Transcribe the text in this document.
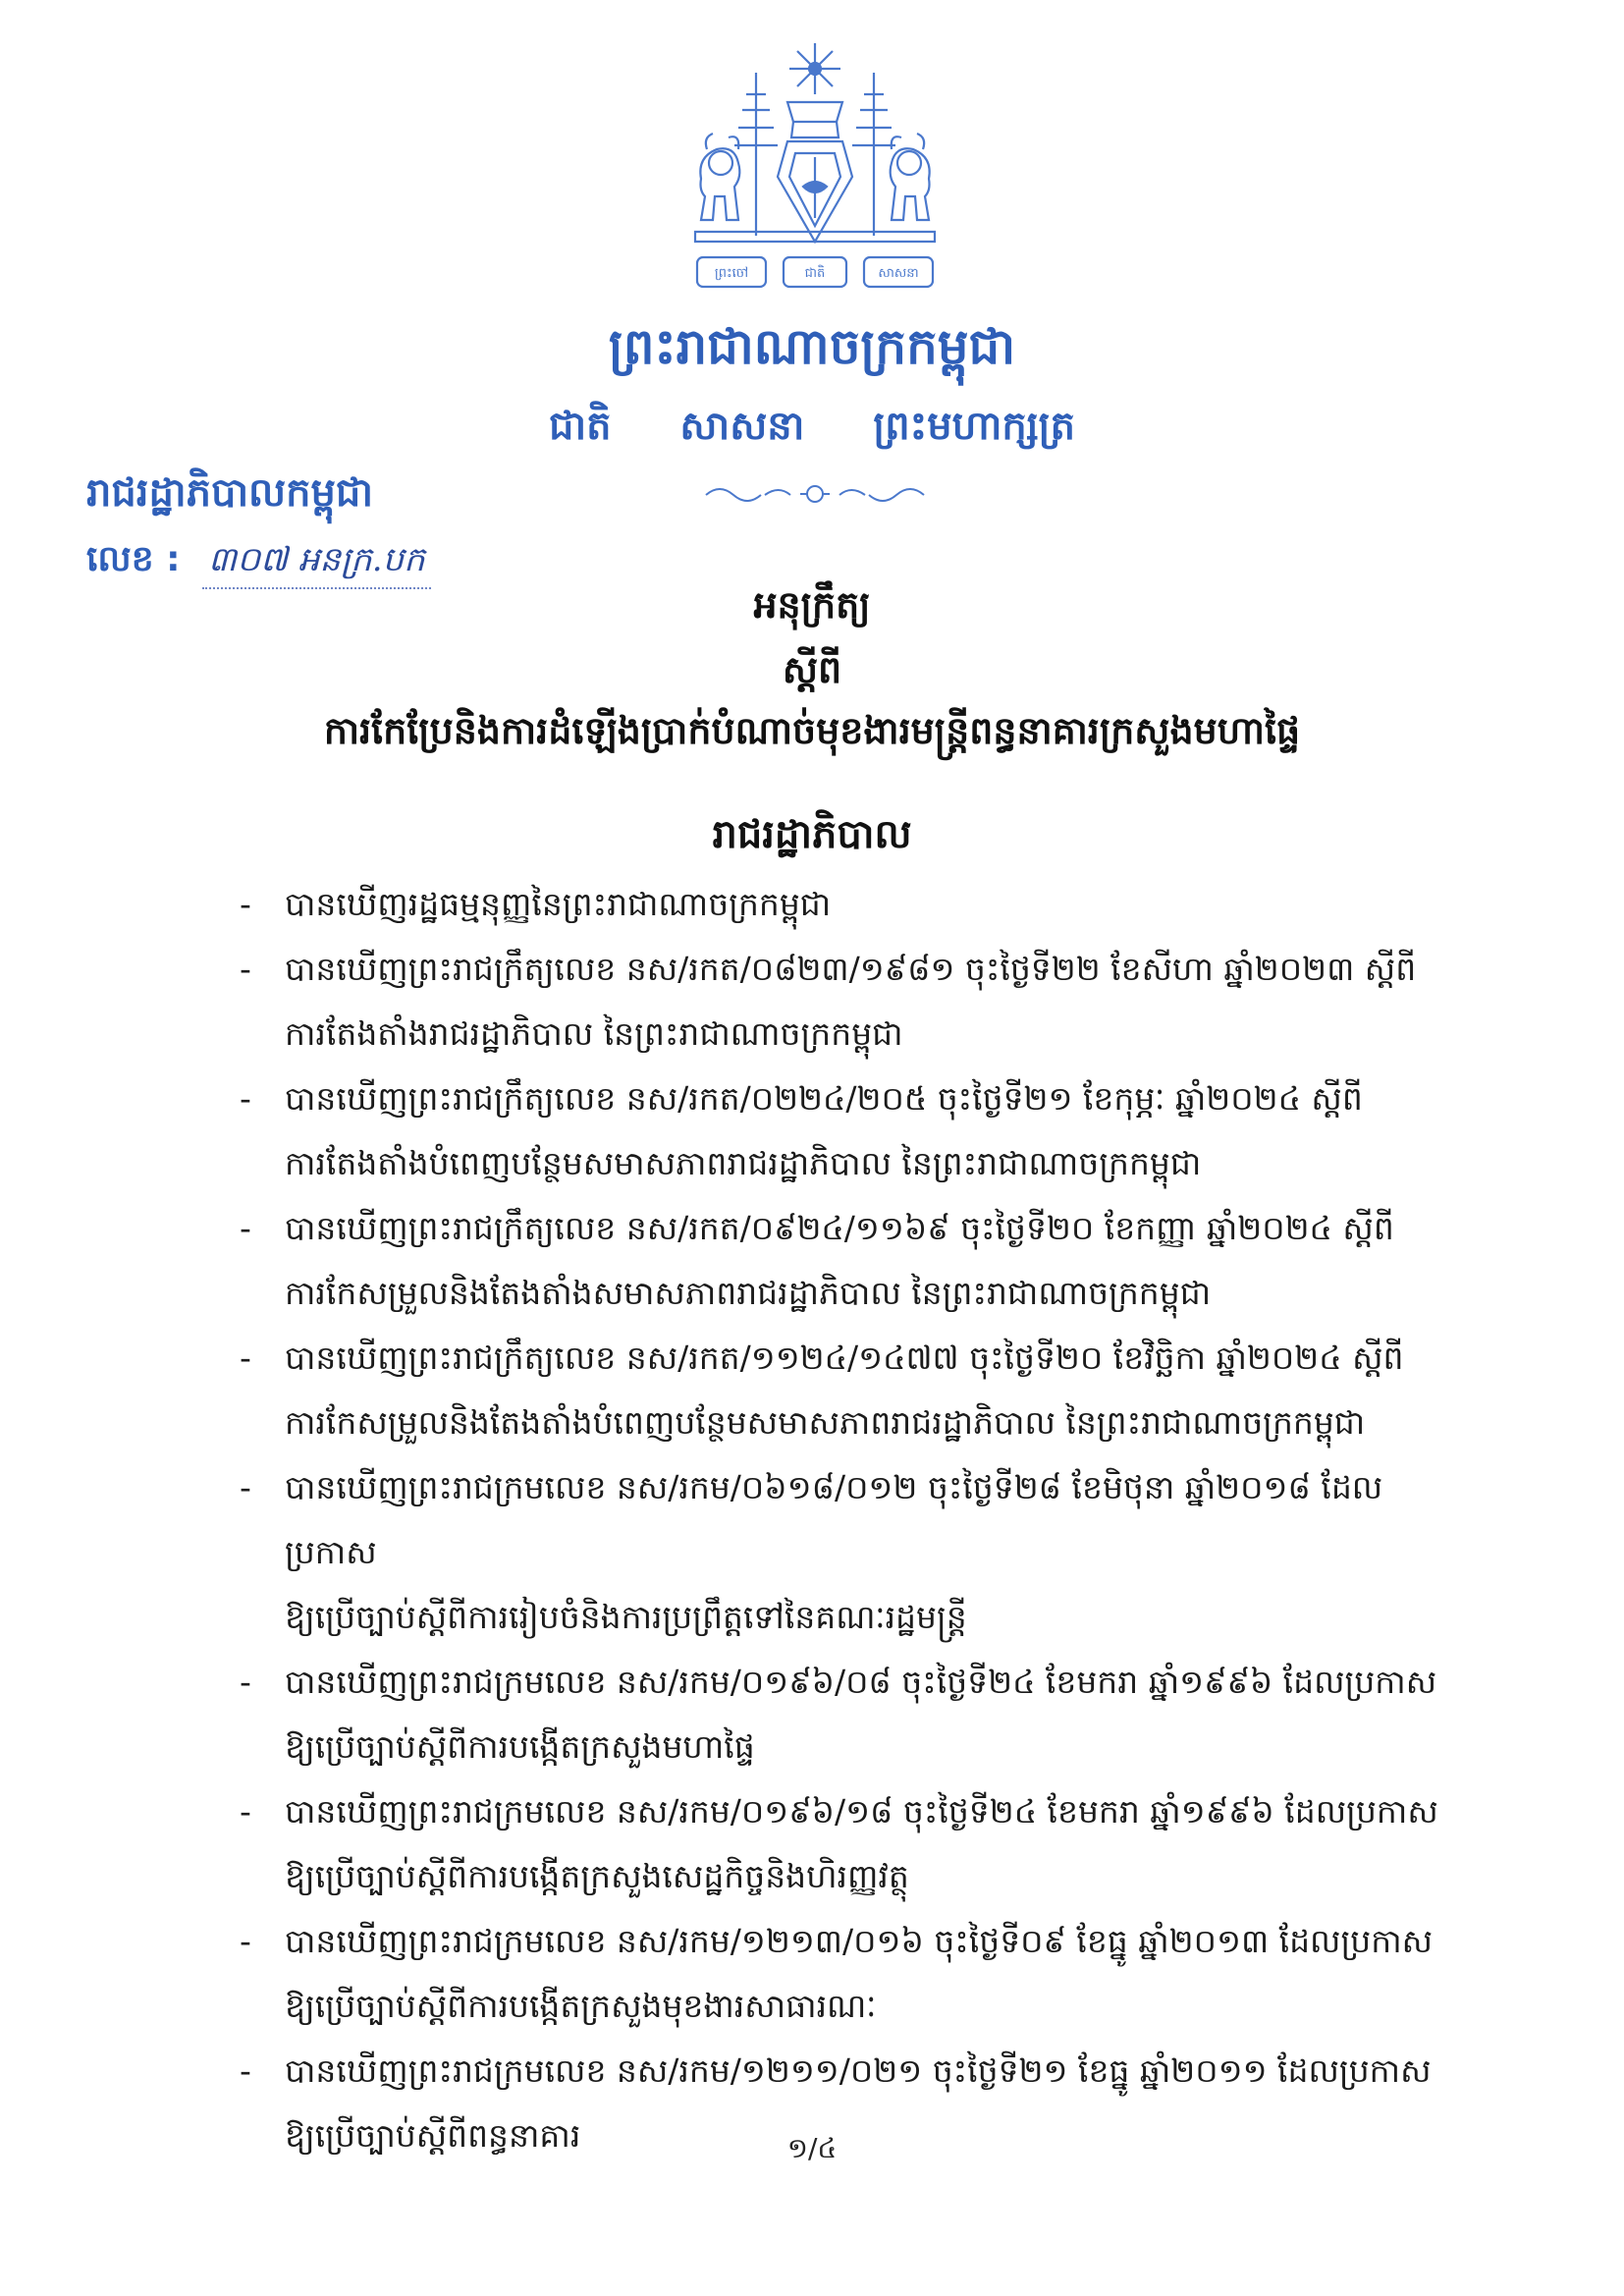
ព្រះចៅ	ជាតិ	សាសនា
ព្រះរាជាណាចក្រកម្ពុជា
ជាតិ សាសនា ព្រះមហាក្សត្រ
រាជរដ្ឋាភិបាលកម្ពុជា
លេខ : ៣០៧ អនក្រ.បក
អនុក្រឹត្យ
ស្ដីពី
ការកែប្រែនិងការដំឡើងប្រាក់បំណាច់មុខងារមន្ត្រីពន្ធនាគារក្រសួងមហាផ្ទៃ
រាជរដ្ឋាភិបាល
- បានឃើញរដ្ឋធម្មនុញ្ញនៃព្រះរាជាណាចក្រកម្ពុជា
- បានឃើញព្រះរាជក្រឹត្យលេខ នស/រកត/០៨២៣/១៩៨១ ចុះថ្ងៃទី២២ ខែសីហា ឆ្នាំ២០២៣ ស្ដីពី
ការតែងតាំងរាជរដ្ឋាភិបាល នៃព្រះរាជាណាចក្រកម្ពុជា
- បានឃើញព្រះរាជក្រឹត្យលេខ នស/រកត/០២២៤/២០៥ ចុះថ្ងៃទី២១ ខែកុម្ភៈ ឆ្នាំ២០២៤ ស្ដីពី
ការតែងតាំងបំពេញបន្ថែមសមាសភាពរាជរដ្ឋាភិបាល នៃព្រះរាជាណាចក្រកម្ពុជា
- បានឃើញព្រះរាជក្រឹត្យលេខ នស/រកត/០៩២៤/១១៦៩ ចុះថ្ងៃទី២០ ខែកញ្ញា ឆ្នាំ២០២៤ ស្ដីពី
ការកែសម្រួលនិងតែងតាំងសមាសភាពរាជរដ្ឋាភិបាល នៃព្រះរាជាណាចក្រកម្ពុជា
- បានឃើញព្រះរាជក្រឹត្យលេខ នស/រកត/១១២៤/១៤៧៧ ចុះថ្ងៃទី២០ ខែវិច្ឆិកា ឆ្នាំ២០២៤ ស្ដីពី
ការកែសម្រួលនិងតែងតាំងបំពេញបន្ថែមសមាសភាពរាជរដ្ឋាភិបាល នៃព្រះរាជាណាចក្រកម្ពុជា
- បានឃើញព្រះរាជក្រមលេខ នស/រកម/០៦១៨/០១២ ចុះថ្ងៃទី២៨ ខែមិថុនា ឆ្នាំ២០១៨ ដែលប្រកាស
ឱ្យប្រើច្បាប់ស្ដីពីការរៀបចំនិងការប្រព្រឹត្តទៅនៃគណៈរដ្ឋមន្ត្រី
- បានឃើញព្រះរាជក្រមលេខ នស/រកម/០១៩៦/០៨ ចុះថ្ងៃទី២៤ ខែមករា ឆ្នាំ១៩៩៦ ដែលប្រកាស
ឱ្យប្រើច្បាប់ស្ដីពីការបង្កើតក្រសួងមហាផ្ទៃ
- បានឃើញព្រះរាជក្រមលេខ នស/រកម/០១៩៦/១៨ ចុះថ្ងៃទី២៤ ខែមករា ឆ្នាំ១៩៩៦ ដែលប្រកាស
ឱ្យប្រើច្បាប់ស្ដីពីការបង្កើតក្រសួងសេដ្ឋកិច្ចនិងហិរញ្ញវត្ថុ
- បានឃើញព្រះរាជក្រមលេខ នស/រកម/១២១៣/០១៦ ចុះថ្ងៃទី០៩ ខែធ្នូ ឆ្នាំ២០១៣ ដែលប្រកាស
ឱ្យប្រើច្បាប់ស្ដីពីការបង្កើតក្រសួងមុខងារសាធារណៈ
- បានឃើញព្រះរាជក្រមលេខ នស/រកម/១២១១/០២១ ចុះថ្ងៃទី២១ ខែធ្នូ ឆ្នាំ២០១១ ដែលប្រកាស
ឱ្យប្រើច្បាប់ស្ដីពីពន្ធនាគារ	១/៤
